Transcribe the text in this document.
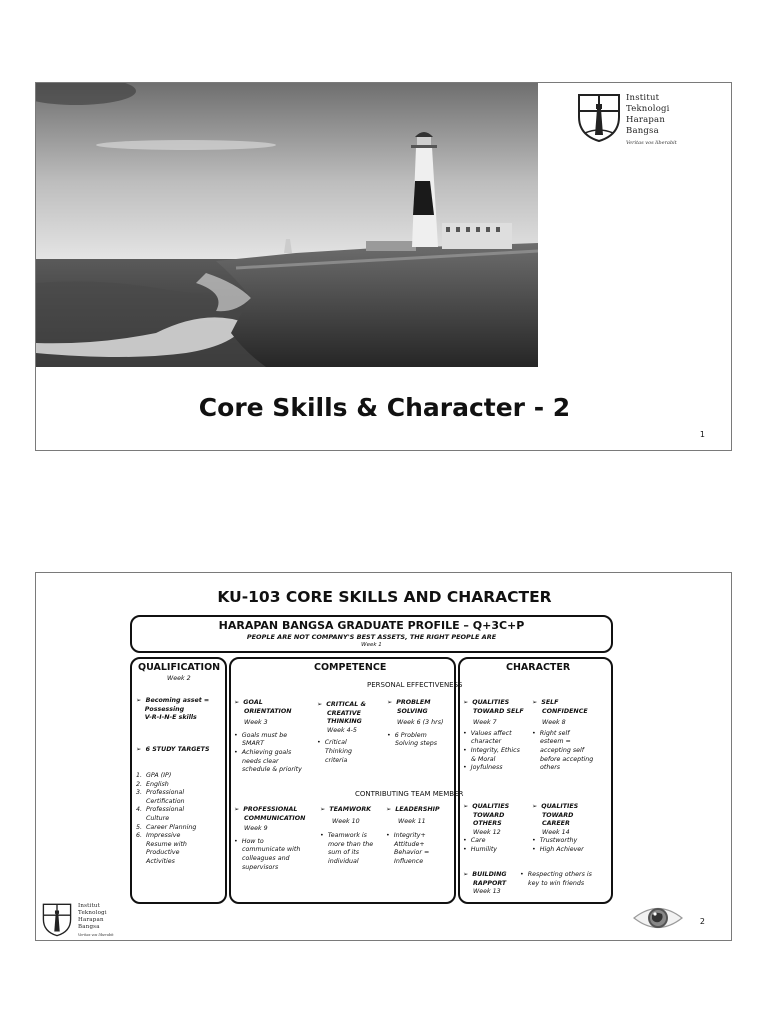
Institut
Teknologi
Harapan
Bangsa
Veritas vos liberabit
Core Skills & Character - 2
1
KU-103 CORE SKILLS AND CHARACTER
HARAPAN BANGSA GRADUATE PROFILE – Q+3C+P
PEOPLE ARE NOT COMPANY'S BEST ASSETS, THE RIGHT PEOPLE ARE
Week 1
QUALIFICATION
Week 2
➢ Becoming asset =
Possessing
V-R-I-N-E skills
➢ 6 STUDY TARGETS
1. GPA (IP)
2. English
3. Professional
Certification
4. Professional
Culture
5. Career Planning
6. Impressive
Resume with
Productive
Activities
COMPETENCE
PERSONAL EFFECTIVENESS
➢ GOAL
ORIENTATION

Week 3

•  Goals must be
SMART
•  Achieving goals
needs clear
schedule & priority
➢ CRITICAL &
CREATIVE
THINKING
Week 4-5

•  Critical
Thinking
criteria
➢ PROBLEM
SOLVING

Week 6 (3 hrs)

•  6 Problem
Solving steps
CONTRIBUTING TEAM MEMBER
➢ PROFESSIONAL
COMMUNICATION

Week 9

•  How to
communicate with
colleagues and
supervisors
➢ TEAMWORK

Week 10

•  Teamwork is
more than the
sum of its
individual
➢ LEADERSHIP

Week 11

•  Integrity+
Attitude+
Behavior =
Influence
CHARACTER
➢ QUALITIES
TOWARD SELF

Week 7

•  Values affect
character
•  Integrity, Ethics
& Moral
•  Joyfulness
➢ SELF
CONFIDENCE

Week 8

•  Right self
esteem =
accepting self
before accepting
others
➢ QUALITIES
TOWARD
OTHERS
Week 12
•  Care
•  Humility
➢ QUALITIES
TOWARD
CAREER
Week 14
•  Trustworthy
•  High Achiever
➢ BUILDING
RAPPORT
Week 13
•  Respecting others is
key to win friends
Institut
Teknologi
Harapan
Bangsa
Veritas vos liberabit
2
